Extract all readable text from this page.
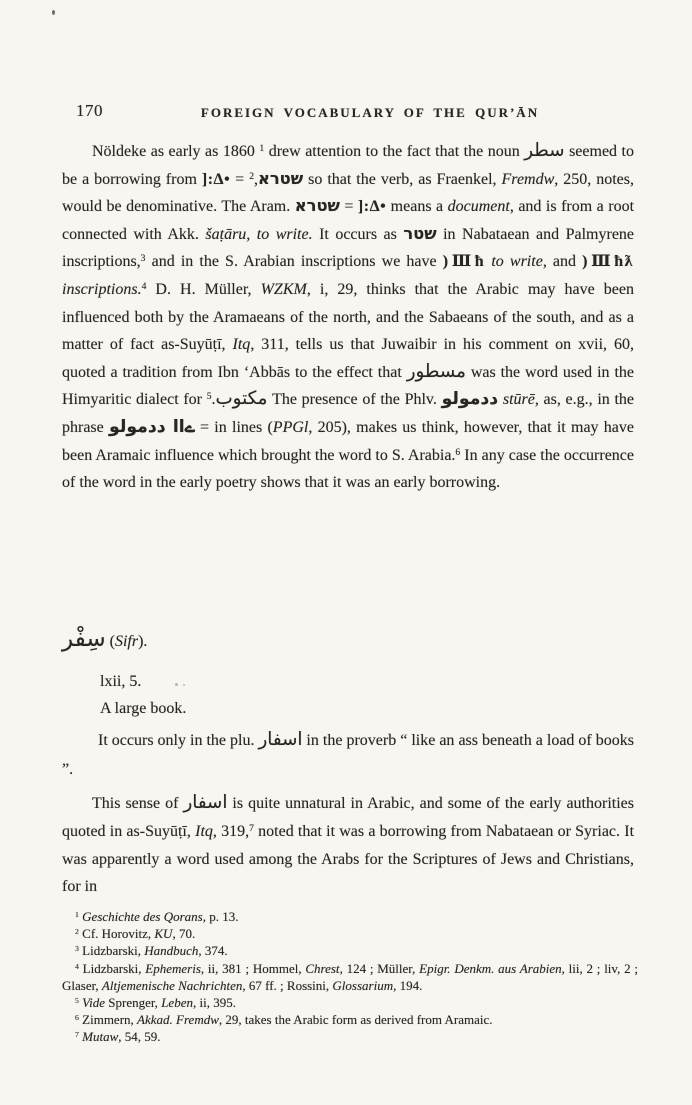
170	FOREIGN VOCABULARY OF THE QUR’ĀN

Nöldeke as early as 1860 $^1$ drew attention to the fact that the noun سطر seemed to be a borrowing from ]:Δ• = שטרא,$^2$	so that the verb, as Fraenkel, Fremdw, 250, notes, would be denominative. The Aram. שטרא = ]:Δ• means a document, and is from a root connected with Akk. šaṭāru, to write. It occurs as שטר in Nabataean and Palmyrene inscriptions,$^3$ and in the S. Arabian inscriptions we have )Ⅲħ to write, and )Ⅲħƛ inscriptions.$^4$ D. H. Müller, WZKM, i, 29, thinks that the Arabic may have been influenced both by the Aramaeans of the north, and the Sabaeans of the south, and as a matter of fact as-Suyūṭī, Itq, 311, tells us that Juwaibir in his comment on xvii, 60, quoted a tradition from Ibn ‘Abbās to the effect that مسطور was the word used in the Himyaritic dialect for مكتوب.$^5$	The presence of the Phlv. ددمولو stūrē, as, e.g., in the phrase ےاا ددمولو = in lines (PPGl, 205), makes us think, however, that it may have been Aramaic influence which brought the word to S. Arabia.$^6$ In any case the occurrence of the word in the early poetry shows that it was an early borrowing.

سِفْر (Sifr).

lxii, 5.

A large book.

It occurs only in the plu. اسفار in the proverb “ like an ass beneath a load of books ”.

This sense of اسفار is quite unnatural in Arabic, and some of the early authorities quoted in as-Suyūṭī, Itq, 319,$^7$ noted that it was a borrowing from Nabataean or Syriac. It was apparently a word used among the Arabs for the Scriptures of Jews and Christians, for in

$^1$ Geschichte des Qorans, p. 13.

$^2$ Cf. Horovitz, KU, 70.

$^3$ Lidzbarski, Handbuch, 374.

$^4$ Lidzbarski, Ephemeris, ii, 381 ; Hommel, Chrest, 124 ; Müller, Epigr. Denkm. aus Arabien, lii, 2 ; liv, 2 ; Glaser, Altjemenische Nachrichten, 67 ff. ; Rossini, Glossarium, 194.

$^5$ Vide Sprenger, Leben, ii, 395.

$^6$ Zimmern, Akkad. Fremdw, 29, takes the Arabic form as derived from Aramaic.

$^7$ Mutaw, 54, 59.
